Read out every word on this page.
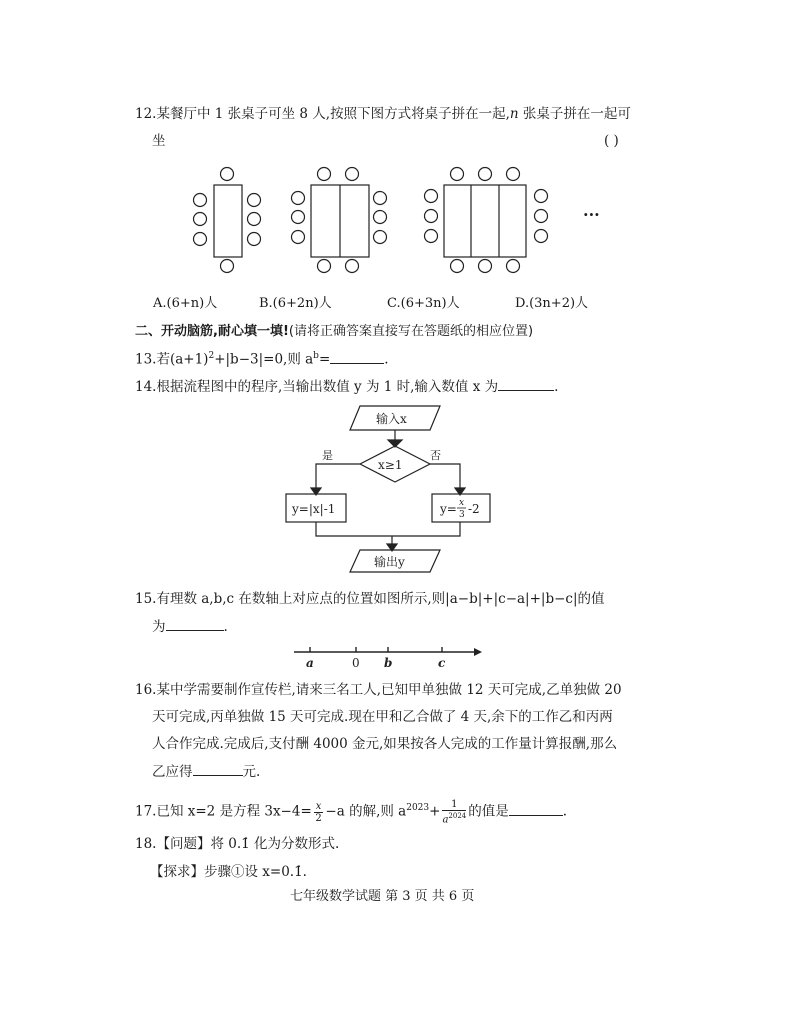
12.某餐厅中 1 张桌子可坐 8 人,按照下图方式将桌子拼在一起,n 张桌子拼在一起可
坐	( )
···
A.(6+n)人	B.(6+2n)人	C.(6+3n)人	D.(3n+2)人
二、开动脑筋,耐心填一填!(请将正确答案直接写在答题纸的相应位置)
13.若$(a+1)^2+|b-3|=0$,则 $a^b=$	.
14.根据流程图中的程序,当输出数值 y 为 1 时,输入数值 x 为	.
输入x
x≥1
是	否
y=|x|-1	y= x
3 -2
输出y
15.有理数 a,b,c 在数轴上对应点的位置如图所示,则|a−b|+|c−a|+|b−c|的值
为	.
a	0 b	c
16.某中学需要制作宣传栏,请来三名工人,已知甲单独做 12 天可完成,乙单独做 20
天可完成,丙单独做 15 天可完成.现在甲和乙合做了 4 天,余下的工作乙和丙两
人合作完成.完成后,支付酬 4000 金元,如果按各人完成的工作量计算报酬,那么
乙应得	元.
17.已知 x=2 是方程 $3x-4= \frac{x}{2} -a$ 的解,则 $a^{2023}+ \frac{1}{a^{2024}}$ 的值是	.
18.【问题】将 0.1̇ 化为分数形式.
【探求】步骤①设 x=0.1̇.
七年级数学试题 第 3 页 共 6 页
